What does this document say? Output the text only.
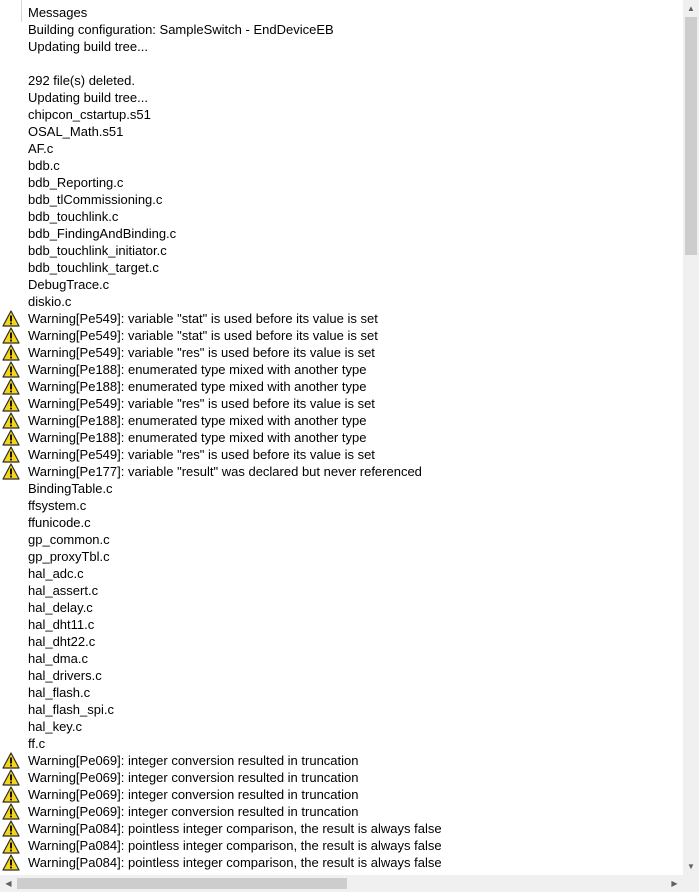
Messages
Building configuration: SampleSwitch - EndDeviceEB
Updating build tree...
292 file(s) deleted.
Updating build tree...
chipcon_cstartup.s51
OSAL_Math.s51
AF.c
bdb.c
bdb_Reporting.c
bdb_tlCommissioning.c
bdb_touchlink.c
bdb_FindingAndBinding.c
bdb_touchlink_initiator.c
bdb_touchlink_target.c
DebugTrace.c
diskio.c
Warning[Pe549]: variable "stat" is used before its value is set
Warning[Pe549]: variable "stat" is used before its value is set
Warning[Pe549]: variable "res" is used before its value is set
Warning[Pe188]: enumerated type mixed with another type
Warning[Pe188]: enumerated type mixed with another type
Warning[Pe549]: variable "res" is used before its value is set
Warning[Pe188]: enumerated type mixed with another type
Warning[Pe188]: enumerated type mixed with another type
Warning[Pe549]: variable "res" is used before its value is set
Warning[Pe177]: variable "result" was declared but never referenced
BindingTable.c
ffsystem.c
ffunicode.c
gp_common.c
gp_proxyTbl.c
hal_adc.c
hal_assert.c
hal_delay.c
hal_dht11.c
hal_dht22.c
hal_dma.c
hal_drivers.c
hal_flash.c
hal_flash_spi.c
hal_key.c
ff.c
Warning[Pe069]: integer conversion resulted in truncation
Warning[Pe069]: integer conversion resulted in truncation
Warning[Pe069]: integer conversion resulted in truncation
Warning[Pe069]: integer conversion resulted in truncation
Warning[Pa084]: pointless integer comparison, the result is always false
Warning[Pa084]: pointless integer comparison, the result is always false
Warning[Pa084]: pointless integer comparison, the result is always false
▲
▼
◀	▶
